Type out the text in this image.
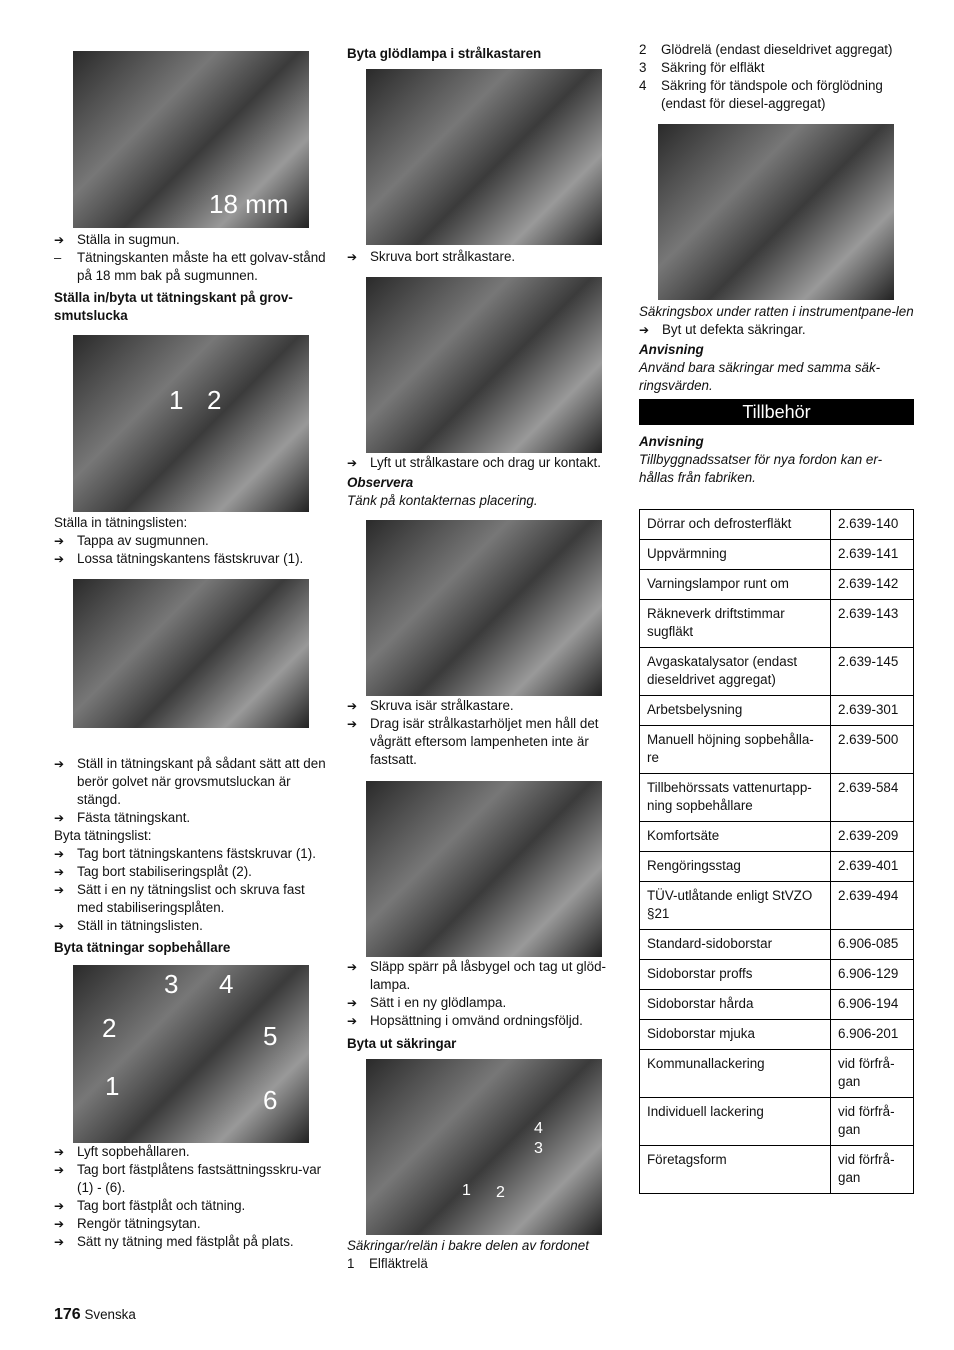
18 mm
➔ Ställa in sugmun.
– Tätningskanten måste ha ett golvav-stånd på 18 mm bak på sugmunnen.
Ställa in/byta ut tätningskant på grov-smutslucka
1 2
Ställa in tätningslisten:
➔ Tappa av sugmunnen.
➔ Lossa tätningskantens fästskruvar (1).
➔ Ställ in tätningskant på sådant sätt att den berör golvet när grovsmutsluckan är stängd.
➔ Fästa tätningskant.
Byta tätningslist:
➔ Tag bort tätningskantens fästskruvar (1).
➔ Tag bort stabiliseringsplåt (2).
➔ Sätt i en ny tätningslist och skruva fast med stabiliseringsplåten.
➔ Ställ in tätningslisten.
Byta tätningar sopbehållare
3 4
2	5
1	6
➔ Lyft sopbehållaren.
➔ Tag bort fästplåtens fastsättningsskru-var (1) - (6).
➔ Tag bort fästplåt och tätning.
➔ Rengör tätningsytan.
➔ Sätt ny tätning med fästplåt på plats.
Byta glödlampa i strålkastaren
➔ Skruva bort strålkastare.
➔ Lyft ut strålkastare och drag ur kontakt.
Observera
Tänk på kontakternas placering.
➔ Skruva isär strålkastare.
➔ Drag isär strålkastarhöljet men håll det vågrätt eftersom lampenheten inte är fastsatt.
➔ Släpp spärr på låsbygel och tag ut glöd-lampa.
➔ Sätt i en ny glödlampa.
➔ Hopsättning i omvänd ordningsföljd.
Byta ut säkringar
4
3
1 2
Säkringar/relän i bakre delen av fordonet
1 Elfläktrelä
2 Glödrelä (endast dieseldrivet aggregat)
3 Säkring för elfläkt
4 Säkring för tändspole och förglödning (endast för diesel-aggregat)
Säkringsbox under ratten i instrumentpane-len
➔ Byt ut defekta säkringar.
Anvisning
Använd bara säkringar med samma säk-ringsvärden.
Tillbehör
Anvisning
Tillbyggnadssatser för nya fordon kan er-hållas från fabriken.
Dörrar och defrosterfläkt	2.639-140
Uppvärmning	2.639-141
Varningslampor runt om	2.639-142
Räkneverk driftstimmar sugfläkt	2.639-143
Avgaskatalysator (endast dieseldrivet aggregat)	2.639-145
Arbetsbelysning	2.639-301
Manuell höjning sopbehålla-re	2.639-500
Tillbehörssats vattenurtapp-ning sopbehållare	2.639-584
Komfortsäte	2.639-209
Rengöringsstag	2.639-401
TÜV-utlåtande enligt StVZO §21	2.639-494
Standard-sidoborstar	6.906-085
Sidoborstar proffs	6.906-129
Sidoborstar hårda	6.906-194
Sidoborstar mjuka	6.906-201
Kommunallackering	vid förfrå-gan
Individuell lackering	vid förfrå-gan
Företagsform	vid förfrå-gan
176 Svenska
